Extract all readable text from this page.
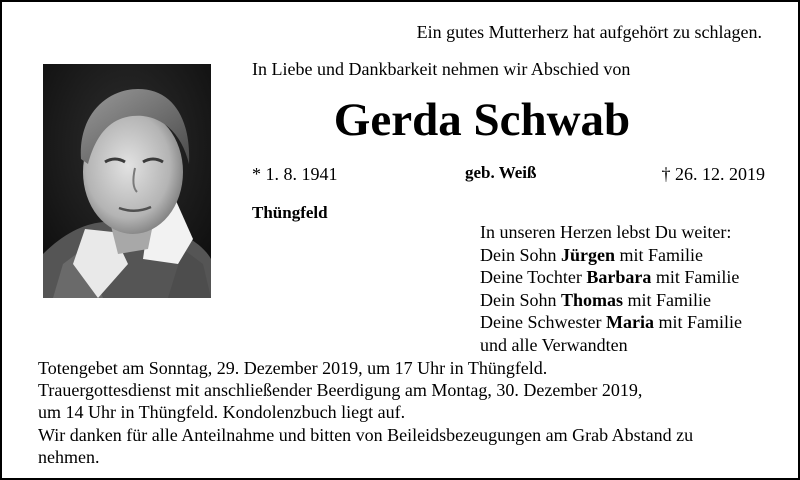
Ein gutes Mutterherz hat aufgehört zu schlagen.
In Liebe und Dankbarkeit nehmen wir Abschied von
Gerda Schwab
* 1. 8. 1941	geb. Weiß	† 26. 12. 2019
Thüngfeld
In unseren Herzen lebst Du weiter:
Dein Sohn Jürgen mit Familie
Deine Tochter Barbara mit Familie
Dein Sohn Thomas mit Familie
Deine Schwester Maria mit Familie
und alle Verwandten
Totengebet am Sonntag, 29. Dezember 2019, um 17 Uhr in Thüngfeld.
Trauergottesdienst mit anschließender Beerdigung am Montag, 30. Dezember 2019,
um 14 Uhr in Thüngfeld. Kondolenzbuch liegt auf.
Wir danken für alle Anteilnahme und bitten von Beileidsbezeugungen am Grab Abstand zu
nehmen.
